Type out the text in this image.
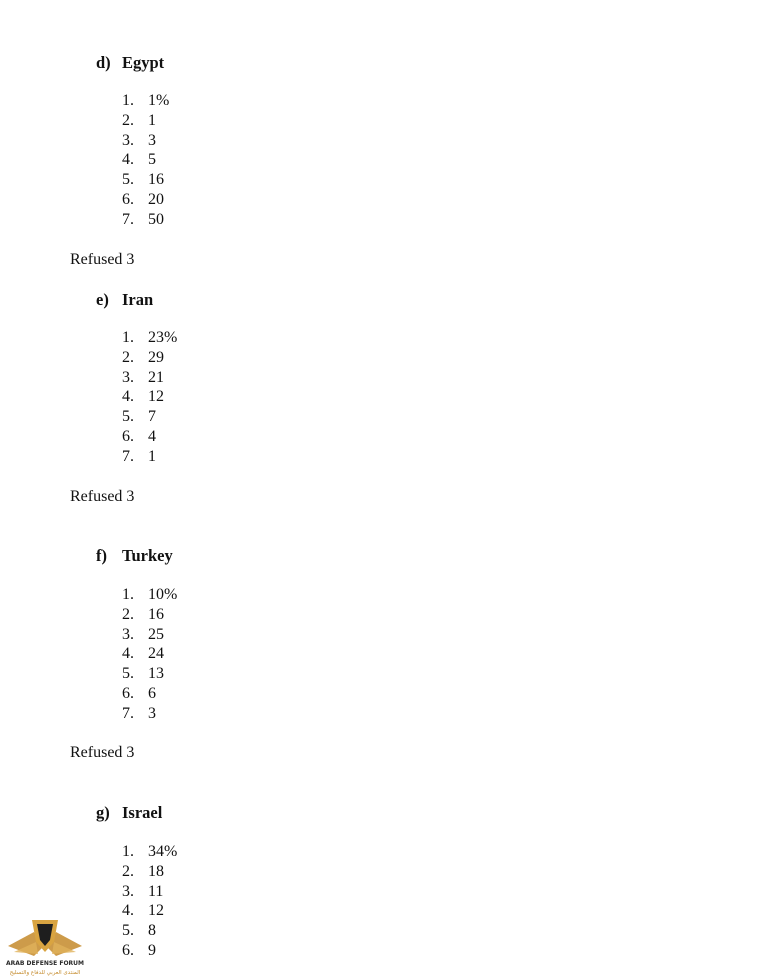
d) Egypt
1. 1%
2. 1
3. 3
4. 5
5. 16
6. 20
7. 50
Refused 3
e) Iran
1. 23%
2. 29
3. 21
4. 12
5. 7
6. 4
7. 1
Refused 3
f) Turkey
1. 10%
2. 16
3. 25
4. 24
5. 13
6. 6
7. 3
Refused 3
g) Israel
1. 34%
2. 18
3. 11
4. 12
5. 8
6. 9
ARAB DEFENSE FORUM
المنتدى العربي للدفاع والتسليح
